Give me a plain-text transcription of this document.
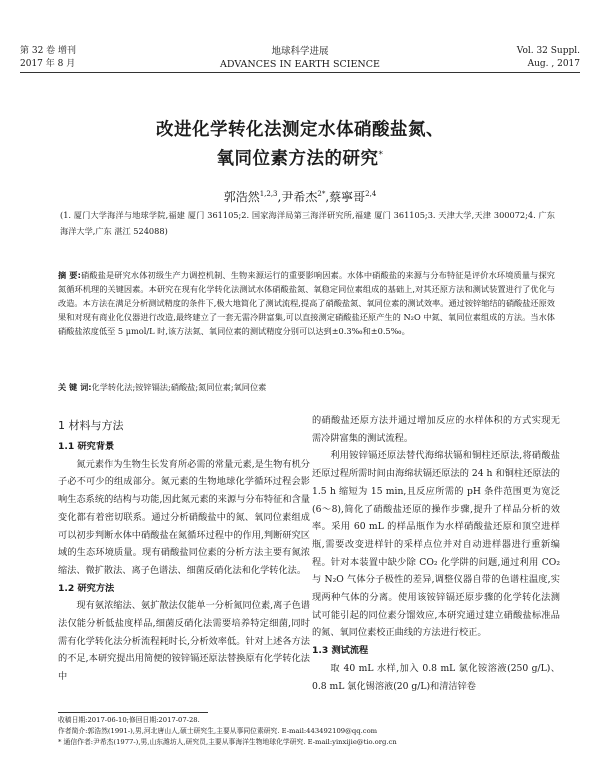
第 32 卷 增刊
2017 年 8 月
地球科学进展
ADVANCES IN EARTH SCIENCE
Vol. 32 Suppl.
Aug. , 2017
改进化学转化法测定水体硝酸盐氮、
氧同位素方法的研究*
郭浩然$^{1,2,3}$,尹希杰$^{2*}$,蔡寧哥$^{2,4}$
(1. 厦门大学海洋与地球学院,福建 厦门 361105;2. 国家海洋局第三海洋研究所,福建 厦门 361105;3. 天津大学,天津 300072;4. 广东海洋大学,广东 湛江 524088)
摘 要:硝酸盐是研究水体初级生产力调控机制、生物来源运行的重要影响因素。水体中硝酸盐的来源与分布特征是评价水环境质量与探究氮循环机理的关键因素。本研究在现有化学转化法测试水体硝酸盐氮、氧稳定同位素组成的基础上,对其还原方法和测试装置进行了优化与改造。本方法在满足分析测试精度的条件下,极大地简化了测试流程,提高了硝酸盐氮、氧同位素的测试效率。通过铵锌缩结的硝酸盐还原效果和对现有商业化仪器进行改造,最终建立了一套无需冷阱富集,可以直接测定硝酸盐还原产生的 N₂O 中氮、氧同位素组成的方法。当水体硝酸盐浓度低至 5 μmol/L 时,该方法氮、氧同位素的测试精度分别可以达到±0.3‰和±0.5‰。
关 键 词:化学转化法;铵锌镉法;硝酸盐;氮同位素;氧同位素
1 材料与方法
1.1 研究背景

氮元素作为生物生长发育所必需的常量元素,是生物有机分子必不可少的组成部分。氮元素的生物地球化学循环过程会影响生态系统的结构与功能,因此氮元素的来源与分布特征和含量变化都有着密切联系。通过分析硝酸盐中的氮、氧同位素组成可以初步判断水体中硝酸盐在氮循环过程中的作用,判断研究区域的生态环境质量。现有硝酸盐同位素的分析方法主要有氮浓缩法、微扩散法、离子色谱法、细菌反硝化法和化学转化法。

1.2 研究方法

现有氨浓缩法、氨扩散法仅能单一分析氮同位素,离子色谱法仅能分析低盐度样品,细菌反硝化法需要培养特定细菌,同时需有化学转化法分析流程耗时长,分析效率低。针对上述各方法的不足,本研究提出用简便的铵锌镉还原法替换原有化学转化法中

的硝酸盐还原方法并通过增加反应的水样体积的方式实现无需冷阱富集的测试流程。

利用铵锌镉还原法替代海绵状镉和铜柱还原法,将硝酸盐还原过程所需时间由海绵状镉还原法的 24 h 和铜柱还原法的 1.5 h 缩短为 15 min,且反应所需的 pH 条件范围更为宽泛(6～8),简化了硝酸盐还原的操作步骤,提升了样品分析的效率。采用 60 mL 的样品瓶作为水样硝酸盐还原和顶空进样瓶,需要改变进样针的采样点位并对自动进样器进行重新编程。针对本装置中缺少除 CO₂ 化学阱的问题,通过利用 CO₂ 与 N₂O 气体分子极性的差异,调整仪器自带的色谱柱温度,实现两种气体的分离。使用该铵锌镉还原步骤的化学转化法测试可能引起的同位素分馏效应,本研究通过建立硝酸盐标准品的氮、氧同位素校正曲线的方法进行校正。

1.3 测试流程

取 40 mL 水样,加入 0.8 mL 氯化铵溶液(250 g/L)、0.8 mL 氯化锡溶液(20 g/L)和清洁锌卷

收稿日期:2017-06-10;修回日期:2017-07-28.
作者简介:郭浩然(1991-),男,河北唐山人,硕士研究生,主要从事同位素研究. E-mail:443492109@qq.com
* 通信作者:尹希杰(1977-),男,山东潍坊人,研究员,主要从事海洋生物地球化学研究. E-mail:yinxijie@tio.org.cn
